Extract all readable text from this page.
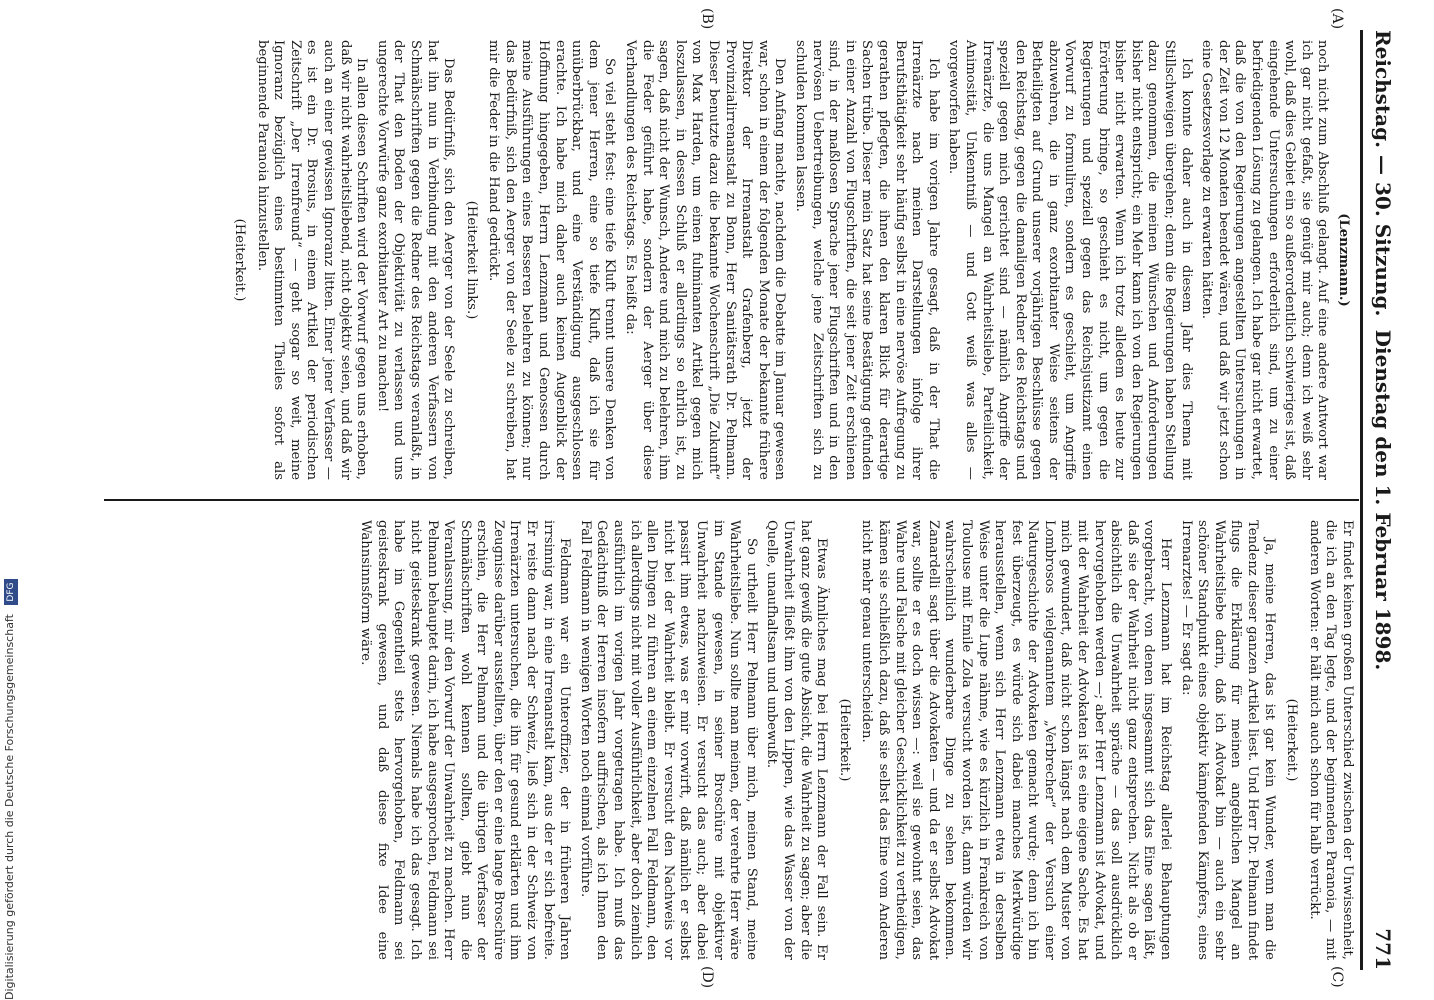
Reichstag. — 30. Sitzung.
Dienstag den 1. Februar 1898.
771
(A)
(B)
(C)
(D)
(Lenzmann.)

noch nicht zum Abschluß gelangt. Auf eine andere Antwort war ich gar nicht gefaßt, sie genügt mir auch; denn ich weiß sehr wohl, daß dies Gebiet ein so außerordentlich schwieriges ist, daß eingehende Untersuchungen erforderlich sind, um zu einer befriedigenden Lösung zu gelangen. Ich habe gar nicht erwartet, daß die von den Regierungen angestellten Untersuchungen in der Zeit von 12 Monaten beendet wären, und daß wir jetzt schon eine Gesetzesvorlage zu erwarten hätten.

Ich konnte daher auch in diesem Jahr dies Thema mit Stillschweigen übergehen; denn die Regierungen haben Stellung dazu genommen, die meinen Wünschen und Anforderungen bisher nicht entspricht; ein Mehr kann ich von den Regierungen bisher nicht erwarten. Wenn ich trotz alledem es heute zur Erörterung bringe, so geschieht es nicht, um gegen die Regierungen und speziell gegen das Reichsjustizamt einen Vorwurf zu formuliren, sondern es geschieht, um Angriffe abzuwehren, die in ganz exorbitanter Weise seitens der Betheiligten auf Grund unserer vorjährigen Beschlüsse gegen den Reichstag, gegen die damaligen Redner des Reichstags und speziell gegen mich gerichtet sind — nämlich Angriffe der Irrenärzte, die uns Mangel an Wahrheitsliebe, Parteilichkeit, Animosität, Unkenntniß — und Gott weiß was alles — vorgeworfen haben.

Ich habe im vorigen Jahre gesagt, daß in der That die Irrenärzte nach meinen Darstellungen infolge ihrer Berufsthätigkeit sehr häufig selbst in eine nervöse Aufregung zu gerathen pflegten, die ihnen den klaren Blick für derartige Sachen trübe. Dieser mein Satz hat seine Bestätigung gefunden in einer Anzahl von Flugschriften, die seit jener Zeit erschienen sind, in der maßlosen Sprache jener Flugschriften und in den nervösen Uebertreibungen, welche jene Zeitschriften sich zu schulden kommen lassen.

Den Anfang machte, nachdem die Debatte im Januar gewesen war, schon in einem der folgenden Monate der bekannte frühere Direktor der Irrenanstalt Grafenberg, jetzt der Provinzialirrenanstalt zu Bonn, Herr Sanitätsrath Dr. Pelmann. Dieser benutzte dazu die bekannte Wochenschrift „Die Zukunft“ von Max Harden, um einen fulminanten Artikel gegen mich loszulassen, in dessen Schluß er allerdings so ehrlich ist, zu sagen, daß nicht der Wunsch, Andere und mich zu belehren, ihm die Feder geführt habe, sondern der Aerger über diese Verhandlungen des Reichstags. Es heißt da:

So viel steht fest: eine tiefe Kluft trennt unsere Denken von dem jener Herren, eine so tiefe Kluft, daß ich sie für unüberbrückbar, und eine Verständigung ausgeschlossen erachte. Ich habe mich daher auch keinen Augenblick der Hoffnung hingegeben, Herrn Lenzmann und Genossen durch meine Ausführungen eines Besseren belehren zu können; nur das Bedürfniß, sich den Aerger von der Seele zu schreiben, hat mir die Feder in die Hand gedrückt.

(Heiterkeit links.)

Das Bedürfniß, sich den Aerger von der Seele zu schreiben, hat ihn nun in Verbindung mit den anderen Verfassern von Schmähschriften gegen die Redner des Reichstags veranlaßt, in der That den Boden der Objektivität zu verlassen und uns ungerechte Vorwürfe ganz exorbitanter Art zu machen!

In allen diesen Schriften wird der Vorwurf gegen uns erhoben, daß wir nicht wahrheitsliebend, nicht objektiv seien, und daß wir auch an einer gewissen Ignoranz litten. Einer jener Verfasser — es ist ein Dr. Brosius, in einem Artikel der periodischen Zeitschrift „Der Irrenfreund“ — geht sogar so weit, meine Ignoranz bezüglich eines bestimmten Theiles sofort als beginnende Paranoia hinzustellen.

(Heiterkeit.)

Er findet keinen großen Unterschied zwischen der Unwissenheit, die ich an den Tag legte, und der beginnenden Paranoia, — mit anderen Worten: er hält mich auch schon für halb verrückt.

(Heiterkeit.)

Ja, meine Herren, das ist gar kein Wunder, wenn man die Tendenz dieser ganzen Artikel liest. Und Herr Dr. Pelmann findet flugs die Erklärung für meinen angeblichen Mangel an Wahrheitsliebe darin, daß ich Advokat bin — auch ein sehr schöner Standpunkt eines objektiv kämpfenden Kämpfers, eines Irrenarztes! — Er sagt da:

Herr Lenzmann hat im Reichstag allerlei Behauptungen vorgebracht, von denen insgesammt sich das Eine sagen läßt, daß sie der Wahrheit nicht ganz entsprechen. Nicht als ob er absichtlich die Unwahrheit spräche — das soll ausdrücklich hervorgehoben werden —; aber Herr Lenzmann ist Advokat, und mit der Wahrheit der Advokaten ist es eine eigene Sache. Es hat mich gewundert, daß nicht schon längst nach dem Muster von Lombrosos vielgenanntem „Verbrecher“ der Versuch einer Naturgeschichte der Advokaten gemacht wurde; denn ich bin fest überzeugt, es würde sich dabei manches Merkwürdige herausstellen, wenn sich Herr Lenzmann etwa in derselben Weise unter die Lupe nähme, wie es kürzlich in Frankreich von Toulouse mit Emile Zola versucht worden ist, dann würden wir wahrscheinlich wunderbare Dinge zu sehen bekommen. Zanardelli sagt über die Advokaten — und da er selbst Advokat war, sollte er es doch wissen —: weil sie gewohnt seien, das Wahre und Falsche mit gleicher Geschicklichkeit zu vertheidigen, kämen sie schließlich dazu, daß sie selbst das Eine vom Anderen nicht mehr genau unterscheiden.

(Heiterkeit.)

Etwas Ähnliches mag bei Herrn Lenzmann der Fall sein. Er hat ganz gewiß die gute Absicht, die Wahrheit zu sagen; aber die Unwahrheit fließt ihm von den Lippen, wie das Wasser von der Quelle, unaufhaltsam und unbewußt.

So urtheilt Herr Pelmann über mich, meinen Stand, meine Wahrheitsliebe. Nun sollte man meinen, der verehrte Herr wäre im Stande gewesen, in seiner Broschüre mit objektiver Unwahrheit nachzuweisen. Er versucht das auch; aber dabei passirt ihm etwas, was er mir vorwirft, daß nämlich er selbst nicht bei der Wahrheit bleibt. Er versucht den Nachweis vor allen Dingen zu führen an einem einzelnen Fall Feldmann, den ich allerdings nicht mit voller Ausführlichkeit, aber doch ziemlich ausführlich im vorigen Jahr vorgetragen habe. Ich muß das Gedächtniß der Herren insofern auffrischen, als ich Ihnen den Fall Feldmann in wenigen Worten noch einmal vorführe.

Feldmann war ein Unteroffizier, der in früheren Jahren irrsinnig war, in eine Irrenanstalt kam, aus der er sich befreite. Er reiste dann nach der Schweiz, ließ sich in der Schweiz von Irrenärzten untersuchen, die ihn für gesund erklärten und ihm Zeugnisse darüber ausstellten, über den er eine lange Broschüre erschien, die Herr Pelmann und die übrigen Verfasser der Schmähschriften wohl kennen sollten, giebt nun die Veranlassung, mir den Vorwurf der Unwahrheit zu machen. Herr Pelmann behauptet darin, ich habe ausgesprochen, Feldmann sei nicht geisteskrank gewesen. Niemals habe ich das gesagt. Ich habe im Gegentheil stets hervorgehoben, Feldmann sei geisteskrank gewesen, und daß diese fixe Idee eine Wahnsinnsform wäre.

Digitalisierung gefördert durch die Deutsche Forschungsgemeinschaft DFG
